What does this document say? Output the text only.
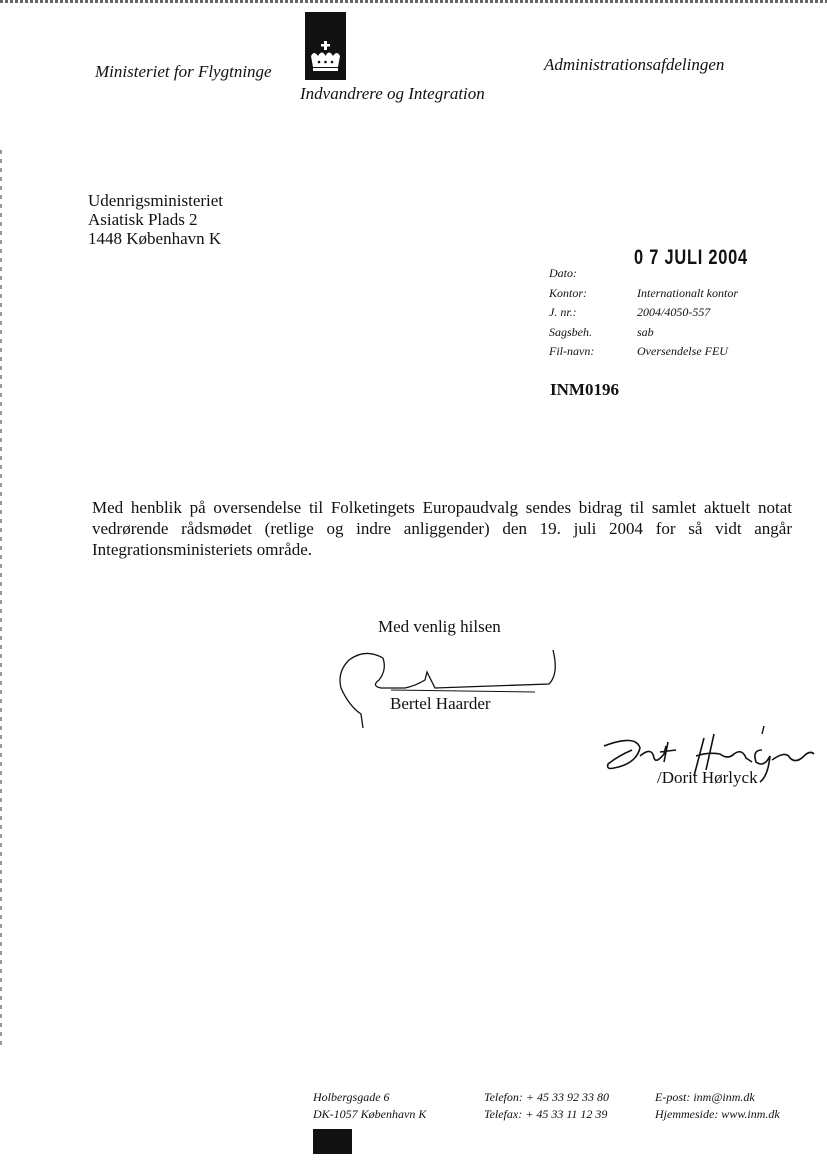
Ministeriet for Flygtninge
Indvandrere og Integration
Administrationsafdelingen
Udenrigsministeriet
Asiatisk Plads 2
1448 København K
0 7 JULI 2004
Dato:	
Kontor:	Internationalt kontor
J. nr.:	2004/4050-557
Sagsbeh.	sab
Fil-navn:	Oversendelse FEU
INM0196

Med henblik på oversendelse til Folketingets Europaudvalg sendes bidrag til samlet aktuelt notat vedrørende rådsmødet (retlige og indre anliggender) den 19. juli 2004 for så vidt angår Integrationsministeriets område.

Med venlig hilsen
Bertel Haarder
/Dorit Hørlyck
Holbergsgade 6
DK-1057 København K
Telefon: + 45 33 92 33 80
Telefax: + 45 33 11 12 39
E-post: inm@inm.dk
Hjemmeside: www.inm.dk
